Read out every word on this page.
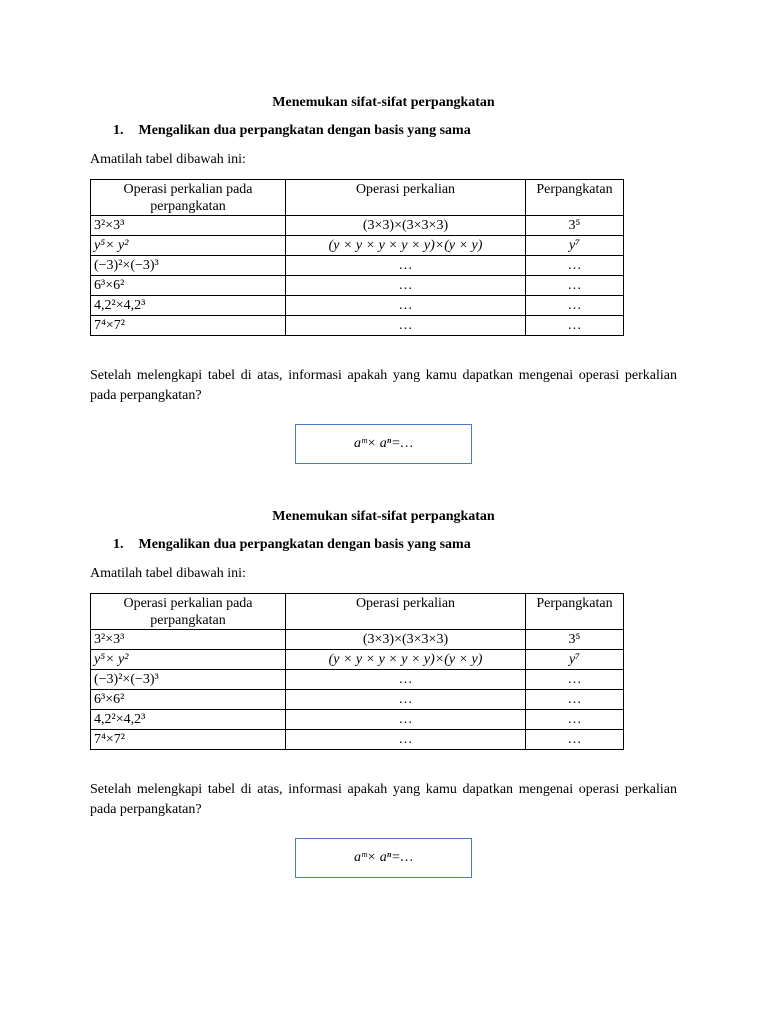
Menemukan sifat-sifat perpangkatan

1. Mengalikan dua perpangkatan dengan basis yang sama
Amatilah tabel dibawah ini:
Operasi perkalian pada perpangkatan	Operasi perkalian	Perpangkatan
3²×3³	(3×3)×(3×3×3)	3⁵
y⁵× y²	(y × y × y × y × y)×(y × y)	y⁷
(−3)²×(−3)³	…	…
6³×6²	…	…
4,2²×4,2³	…	…
7⁴×7²	…	…
Setelah melengkapi tabel di atas, informasi apakah yang kamu dapatkan mengenai operasi perkalian pada perpangkatan?
aᵐ× aⁿ=…

Menemukan sifat-sifat perpangkatan

1. Mengalikan dua perpangkatan dengan basis yang sama
Amatilah tabel dibawah ini:
Operasi perkalian pada perpangkatan	Operasi perkalian	Perpangkatan
3²×3³	(3×3)×(3×3×3)	3⁵
y⁵× y²	(y × y × y × y × y)×(y × y)	y⁷
(−3)²×(−3)³	…	…
6³×6²	…	…
4,2²×4,2³	…	…
7⁴×7²	…	…
Setelah melengkapi tabel di atas, informasi apakah yang kamu dapatkan mengenai operasi perkalian pada perpangkatan?
aᵐ× aⁿ=…
